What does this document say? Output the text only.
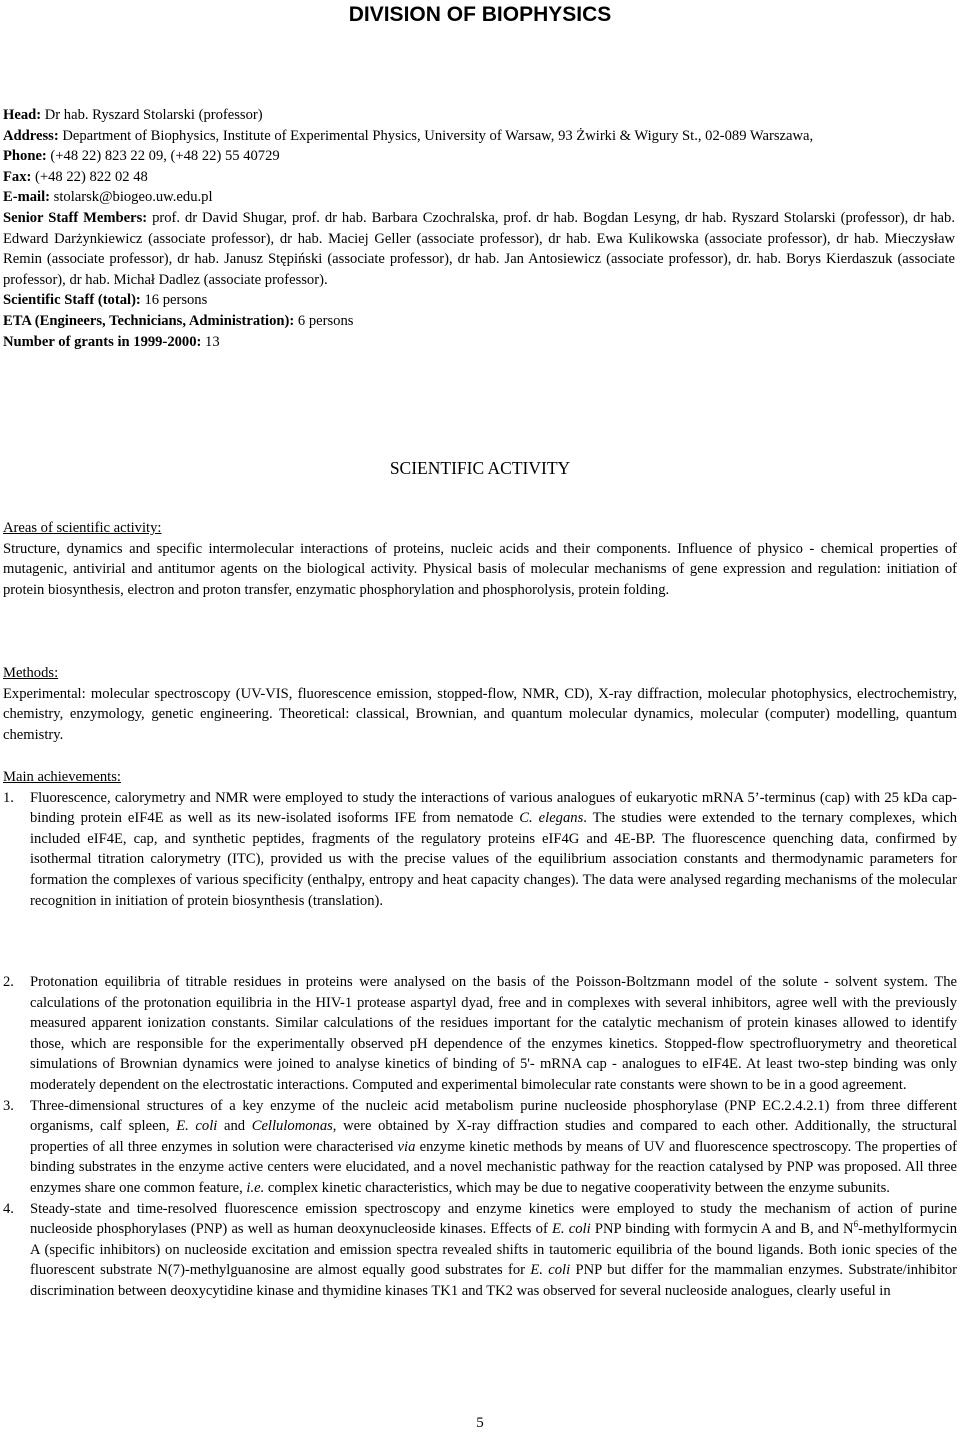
DIVISION OF BIOPHYSICS

Head: Dr hab. Ryszard Stolarski (professor)

Address: Department of Biophysics, Institute of Experimental Physics, University of Warsaw, 93 Żwirki & Wigury St., 02-089 Warszawa,

Phone: (+48 22) 823 22 09, (+48 22) 55 40729

Fax: (+48 22) 822 02 48

E-mail: stolarsk@biogeo.uw.edu.pl

Senior Staff Members: prof. dr David Shugar, prof. dr hab. Barbara Czochralska, prof. dr hab. Bogdan Lesyng, dr hab. Ryszard Stolarski (professor), dr hab. Edward Darżynkiewicz (associate professor), dr hab. Maciej Geller (associate professor), dr hab. Ewa Kulikowska (associate professor), dr hab. Mieczysław Remin (associate professor), dr hab. Janusz Stępiński (associate professor), dr hab. Jan Antosiewicz (associate professor), dr. hab. Borys Kierdaszuk (associate professor), dr hab. Michał Dadlez (associate professor).

Scientific Staff (total): 16 persons

ETA (Engineers, Technicians, Administration): 6 persons

Number of grants in 1999-2000: 13

SCIENTIFIC ACTIVITY

Areas of scientific activity:

Structure, dynamics and specific intermolecular interactions of proteins, nucleic acids and their components. Influence of physico - chemical properties of mutagenic, antivirial and antitumor agents on the biological activity. Physical basis of molecular mechanisms of gene expression and regulation: initiation of protein biosynthesis, electron and proton transfer, enzymatic phosphorylation and phosphorolysis, protein folding.

Methods:

Experimental: molecular spectroscopy (UV-VIS, fluorescence emission, stopped-flow, NMR, CD), X-ray diffraction, molecular photophysics, electrochemistry, chemistry, enzymology, genetic engineering. Theoretical: classical, Brownian, and quantum molecular dynamics, molecular (computer) modelling, quantum chemistry.

Main achievements:

1. Fluorescence, calorymetry and NMR were employed to study the interactions of various analogues of eukaryotic mRNA 5’-terminus (cap) with 25 kDa cap-binding protein eIF4E as well as its new-isolated isoforms IFE from nematode C. elegans. The studies were extended to the ternary complexes, which included eIF4E, cap, and synthetic peptides, fragments of the regulatory proteins eIF4G and 4E-BP. The fluorescence quenching data, confirmed by isothermal titration calorymetry (ITC), provided us with the precise values of the equilibrium association constants and thermodynamic parameters for formation the complexes of various specificity (enthalpy, entropy and heat capacity changes). The data were analysed regarding mechanisms of the molecular recognition in initiation of protein biosynthesis (translation).
2. Protonation equilibria of titrable residues in proteins were analysed on the basis of the Poisson-Boltzmann model of the solute - solvent system. The calculations of the protonation equilibria in the HIV-1 protease aspartyl dyad, free and in complexes with several inhibitors, agree well with the previously measured apparent ionization constants. Similar calculations of the residues important for the catalytic mechanism of protein kinases allowed to identify those, which are responsible for the experimentally observed pH dependence of the enzymes kinetics. Stopped-flow spectrofluorymetry and theoretical simulations of Brownian dynamics were joined to analyse kinetics of binding of 5'- mRNA cap - analogues to eIF4E. At least two-step binding was only moderately dependent on the electrostatic interactions. Computed and experimental bimolecular rate constants were shown to be in a good agreement.
3. Three-dimensional structures of a key enzyme of the nucleic acid metabolism purine nucleoside phosphorylase (PNP EC.2.4.2.1) from three different organisms, calf spleen, E. coli and Cellulomonas, were obtained by X-ray diffraction studies and compared to each other. Additionally, the structural properties of all three enzymes in solution were characterised via enzyme kinetic methods by means of UV and fluorescence spectroscopy. The properties of binding substrates in the enzyme active centers were elucidated, and a novel mechanistic pathway for the reaction catalysed by PNP was proposed. All three enzymes share one common feature, i.e. complex kinetic characteristics, which may be due to negative cooperativity between the enzyme subunits.
4. Steady-state and time-resolved fluorescence emission spectroscopy and enzyme kinetics were employed to study the mechanism of action of purine nucleoside phosphorylases (PNP) as well as human deoxynucleoside kinases. Effects of E. coli PNP binding with formycin A and B, and $N^6$-methylformycin A (specific inhibitors) on nucleoside excitation and emission spectra revealed shifts in tautomeric equilibria of the bound ligands. Both ionic species of the fluorescent substrate N(7)-methylguanosine are almost equally good substrates for E. coli PNP but differ for the mammalian enzymes. Substrate/inhibitor discrimination between deoxycytidine kinase and thymidine kinases TK1 and TK2 was observed for several nucleoside analogues, clearly useful in
5
